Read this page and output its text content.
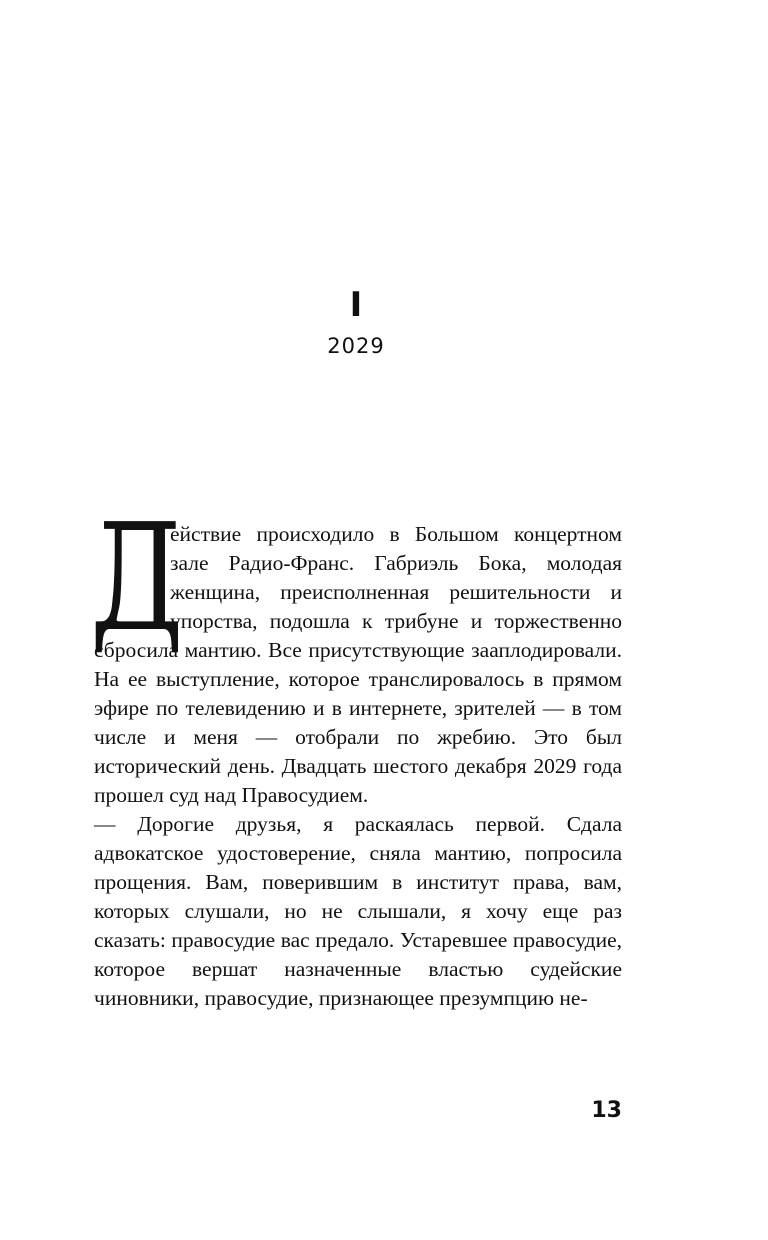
I
2029

Д
ействие происходило в Большом концертном зале Радио-Франс. Габриэль Бока, молодая женщина, преисполненная решительности и упорства, подошла к трибуне и торжественно сбросила мантию. Все присутствующие зааплодировали. На ее выступление, которое транслировалось в прямом эфире по телевидению и в интернете, зрителей — в том числе и меня — отобрали по жребию. Это был исторический день. Двадцать шестого декабря 2029 года прошел суд над Правосудием.

— Дорогие друзья, я раскаялась первой. Сдала адвокатское удостоверение, сняла мантию, попросила прощения. Вам, поверившим в институт права, вам, которых слушали, но не слышали, я хочу еще раз сказать: правосудие вас предало. Устаревшее правосудие, которое вершат назначенные властью судейские чиновники, правосудие, признающее презумпцию не-

13
